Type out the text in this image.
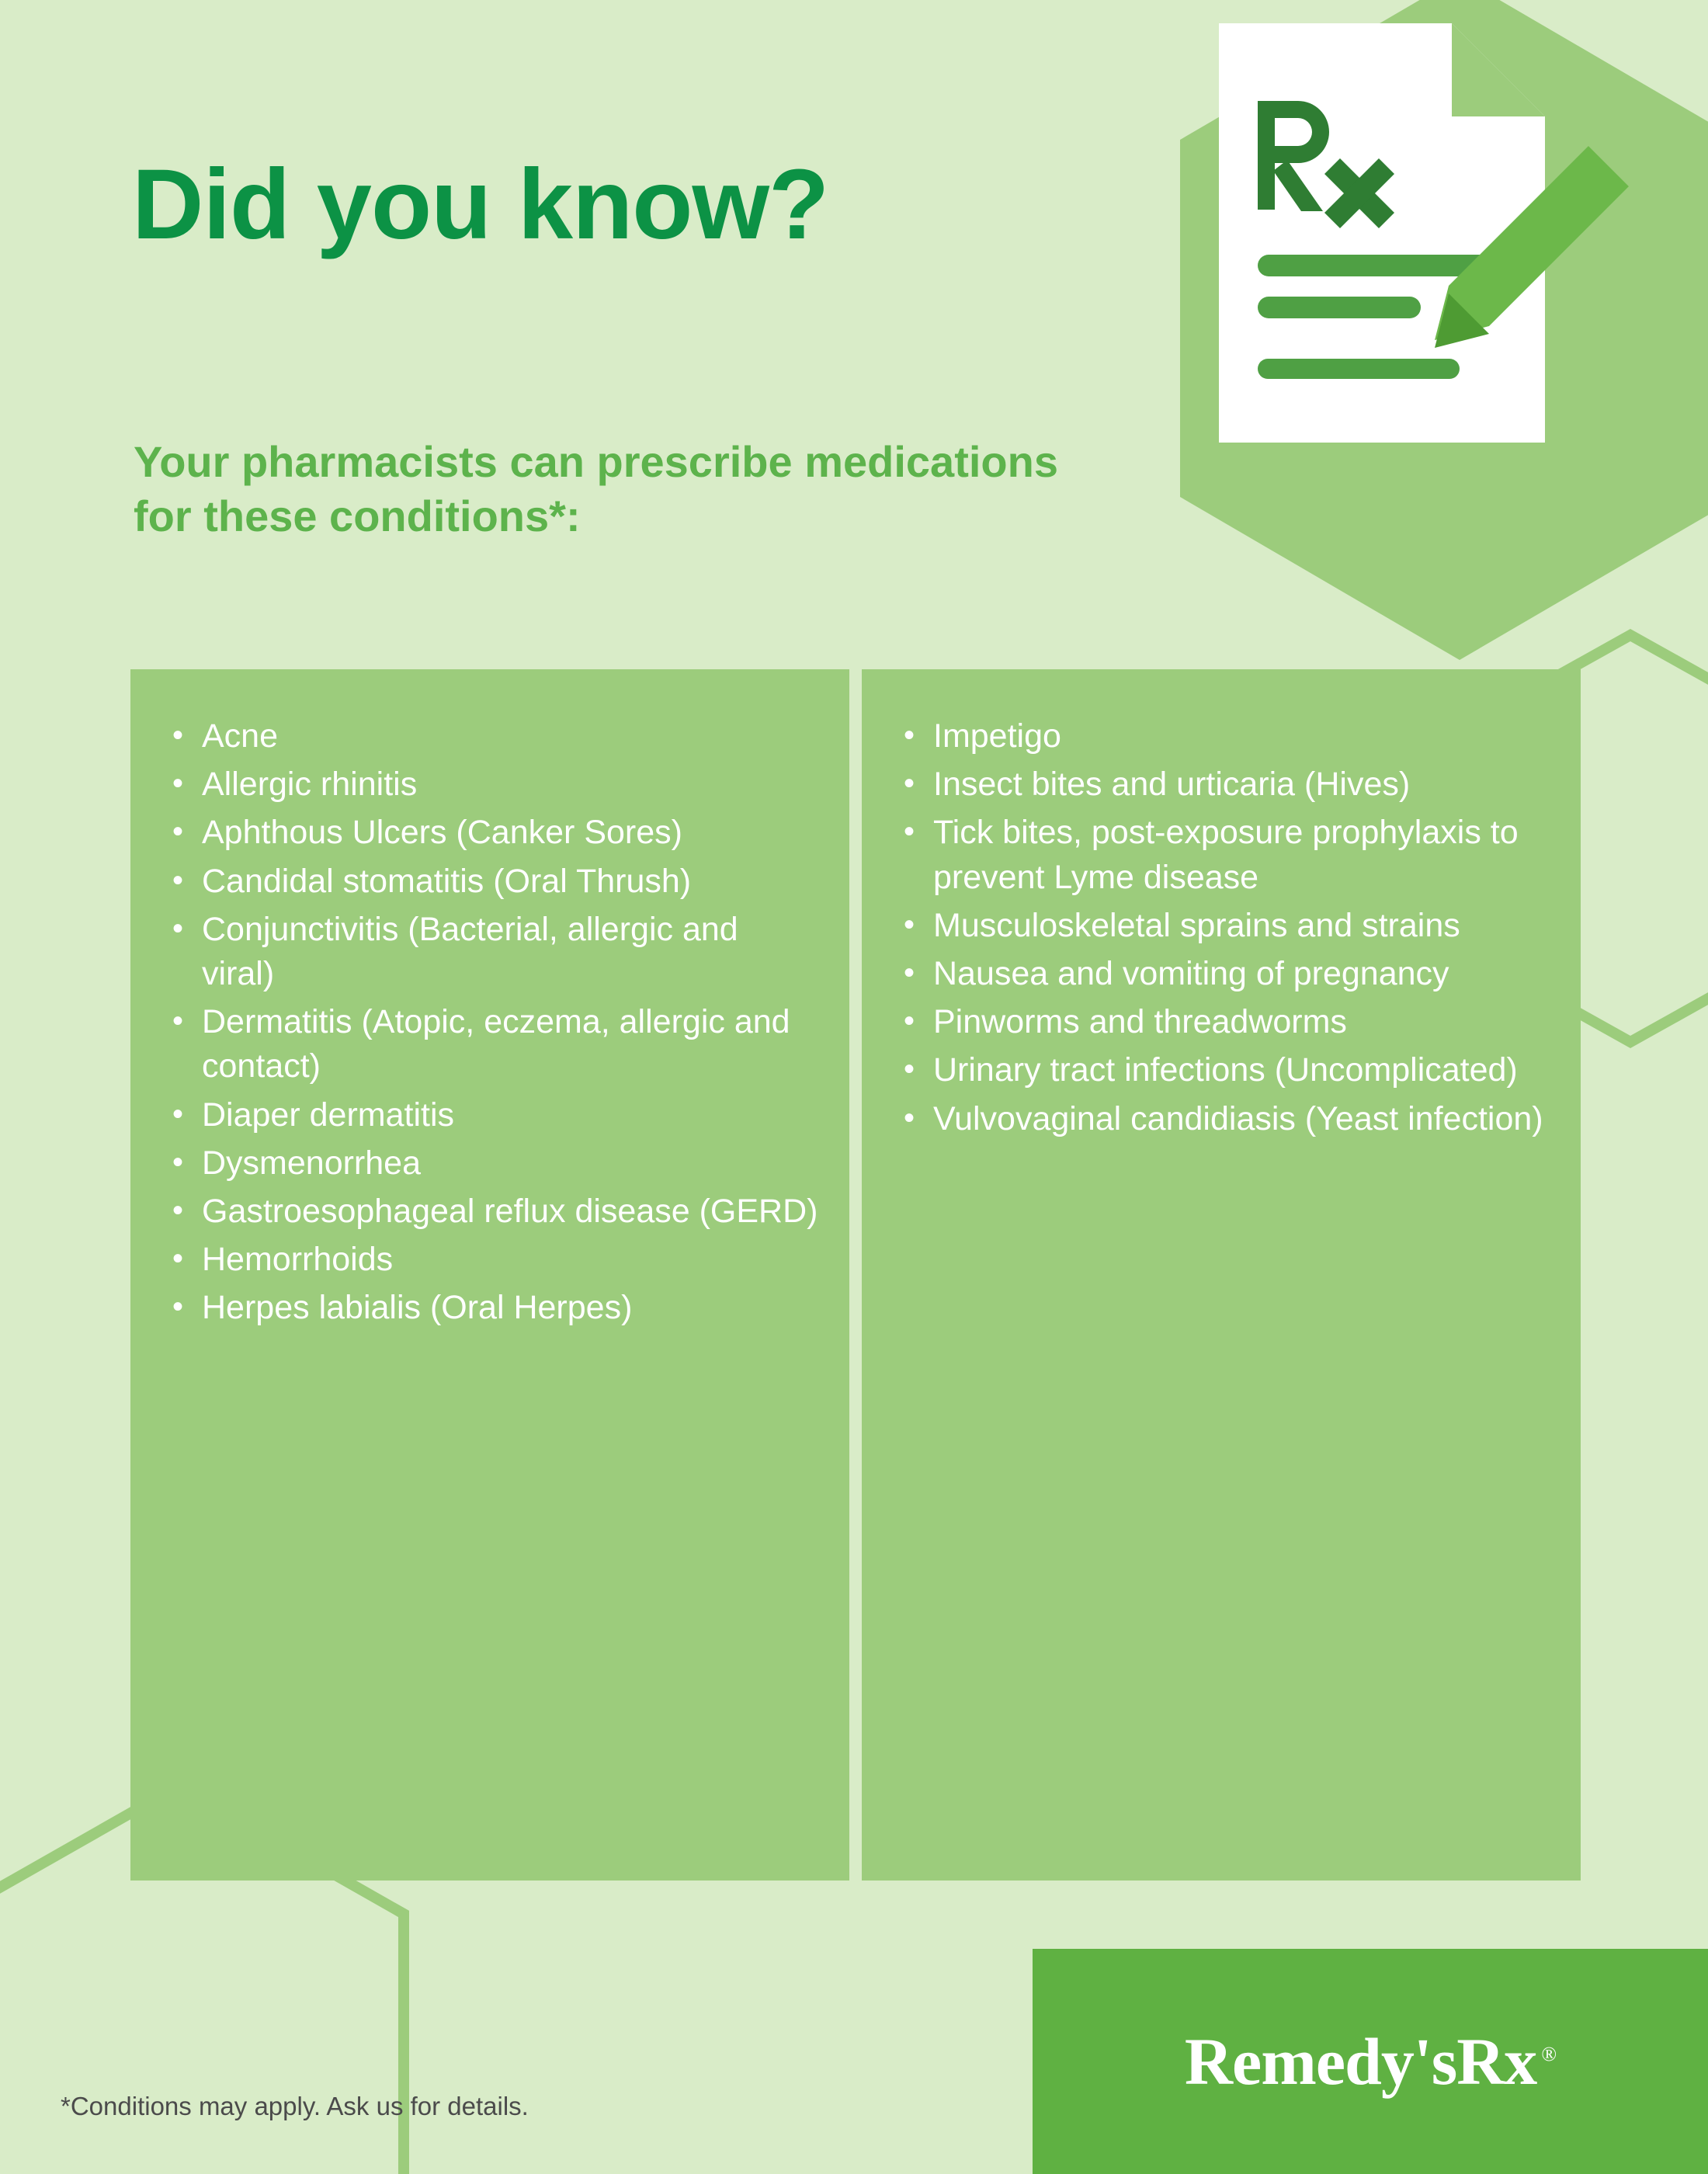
Did you know?
Your pharmacists can prescribe medications for these conditions*:
• Acne
• Allergic rhinitis
• Aphthous Ulcers (Canker Sores)
• Candidal stomatitis (Oral Thrush)
• Conjunctivitis (Bacterial, allergic and viral)
• Dermatitis (Atopic, eczema, allergic and contact)
• Diaper dermatitis
• Dysmenorrhea
• Gastroesophageal reflux disease (GERD)
• Hemorrhoids
• Herpes labialis (Oral Herpes)
• Impetigo
• Insect bites and urticaria (Hives)
• Tick bites, post-exposure prophylaxis to prevent Lyme disease
• Musculoskeletal sprains and strains
• Nausea and vomiting of pregnancy
• Pinworms and threadworms
• Urinary tract infections (Uncomplicated)
• Vulvovaginal candidiasis (Yeast infection)
*Conditions may apply. Ask us for details.
Remedy'sRx ®
